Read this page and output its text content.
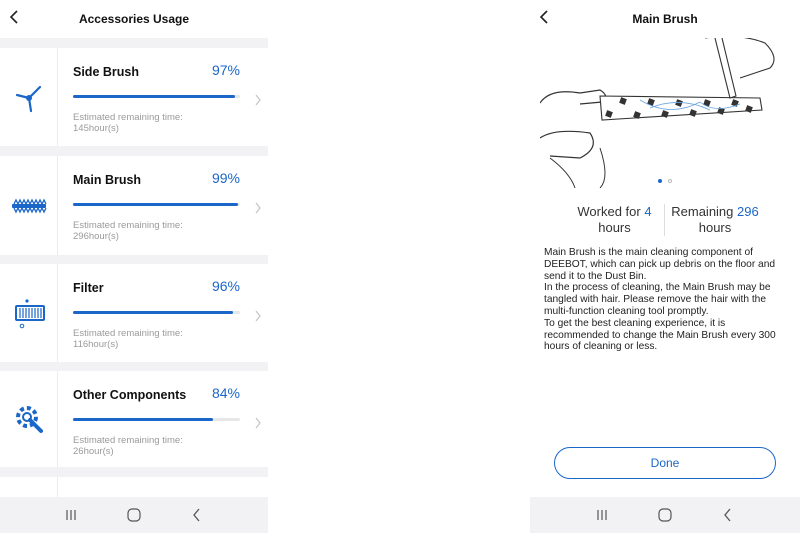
Accessories Usage
Side Brush	97%
Estimated remaining time:
145hour(s)
Main Brush	99%
Estimated remaining time:
296hour(s)
Filter	96%
Estimated remaining time:
116hour(s)
Other Components 84%
Estimated remaining time:
26hour(s)
Main Brush
Worked for 4
hours
Remaining 296
hours
Main Brush is the main cleaning component of DEEBOT, which can pick up debris on the floor and send it to the Dust Bin.
In the process of cleaning, the Main Brush may be tangled with hair. Please remove the hair with the multi-function cleaning tool promptly.
To get the best cleaning experience, it is recommended to change the Main Brush every 300 hours of cleaning or less.
Done
